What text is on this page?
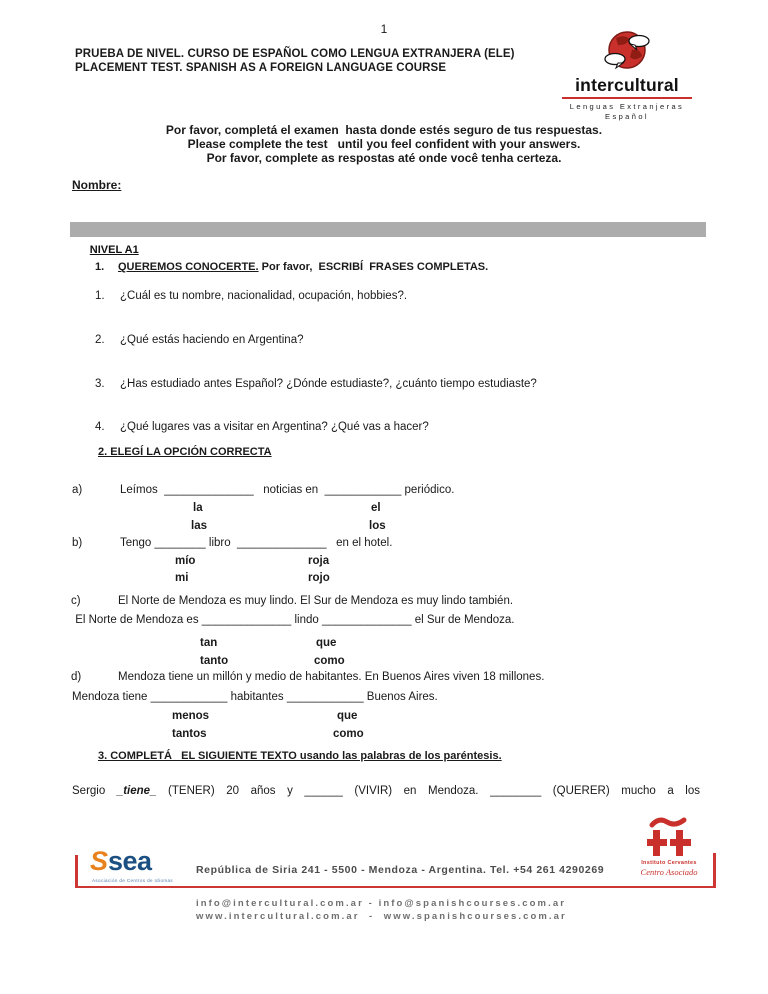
1
PRUEBA DE NIVEL. CURSO DE ESPAÑOL COMO LENGUA EXTRANJERA (ELE)
PLACEMENT TEST. SPANISH AS A FOREIGN LANGUAGE COURSE
intercultural
Lenguas Extranjeras
Español
Por favor, completá el examen  hasta donde estés seguro de tus respuestas.
Please complete the test   until you feel confident with your answers.
Por favor, complete as respostas até onde você tenha certeza.
Nombre:

NIVEL A1

1. QUEREMOS CONOCERTE. Por favor,  ESCRIBÍ  FRASES COMPLETAS.
1. ¿Cuál es tu nombre, nacionalidad, ocupación, hobbies?.
2. ¿Qué estás haciendo en Argentina?
3. ¿Has estudiado antes Español? ¿Dónde estudiaste?, ¿cuánto tiempo estudiaste?
4. ¿Qué lugares vas a visitar en Argentina? ¿Qué vas a hacer?
2. ELEGÍ LA OPCIÓN CORRECTA
a)	Leímos  ______________   noticias en  ____________ periódico.
la	el
las	los
b)	Tengo ________ libro  ______________   en el hotel.
mío	roja
mi	rojo
c)	El Norte de Mendoza es muy lindo. El Sur de Mendoza es muy lindo también.
El Norte de Mendoza es ______________ lindo ______________ el Sur de Mendoza.
tan	que
tanto	como
d)	Mendoza tiene un millón y medio de habitantes. En Buenos Aires viven 18 millones.
Mendoza tiene ____________ habitantes ____________ Buenos Aires.
menos	que
tantos	como
3. COMPLETÁ   EL SIGUIENTE TEXTO usando las palabras de los paréntesis.
Sergio _tiene_ (TENER) 20 años y ______ (VIVIR) en Mendoza. ________ (QUERER) mucho a los
Ssea
Asociación de Centros de Idiomas
República de Siria 241 - 5500 - Mendoza - Argentina. Tel. +54 261 4290269
info@intercultural.com.ar - info@spanishcourses.com.ar
www.intercultural.com.ar  -  www.spanishcourses.com.ar
Instituto Cervantes
Centro Asociado
